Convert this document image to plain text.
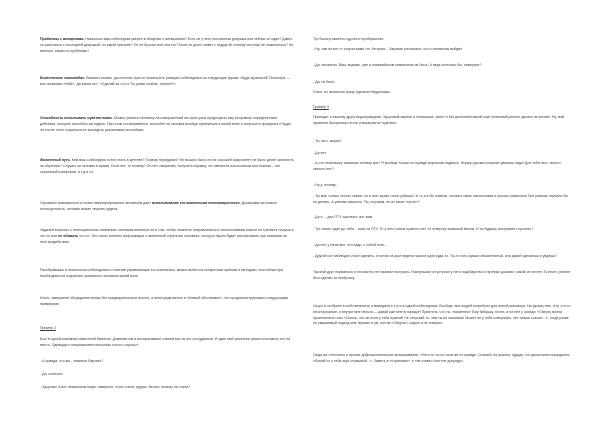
Проблемы с женщинами. Насколько ваш собеседник уверен в общении с женщинами? Есть ли у него постоянная девушка или сейчас он один? Давно он расстался с последней девушкой, по какой причине? Он ее бросил или она его? Если он долго живет с подругой, почему они еще не поженились? Ни меньше, каким-то проблемы?

Болезненное самолюбие. Выявить можно, достаточно просто посмотреть реакцию собеседника на следующие фразы «Будь мужчиной! Посмотри — все понимают тебя!». Да какая ты», «Сделай-ка то-то! Ты разве слабак, тряпка?!»

Способность испытывать чувство вины. Можно указать человеку на совершенный им проступок предложить ему исправить определенные действия, которые способны загладить. При этом отслеживается, способен ли человек вообще признаться в своей вине и попросить прощения и будет ли после этого стараться ее загладить указанными способами.

Жизненный путь. Кем ваш собеседник хотел стать в детстве? Почему передумал? Не вышло было ли на хорошей факультете не было денег заплатить за обучение? Служил ли человек в армии. Если нет, то почему? Он нет, например, получить справку, что является алкоголиком или психом – это серьезный компромат, и т.д и т.п.

Огромные возможности в плане манипулирования человеком дает использование его комплексов неполноценности. Доказывая им всякое полноценность, человек может творить чудеса.

Задачей вопросы о потенциальных сомнениях человека является ли в том, чтобы отметить направленность использования мысли на тренинге получить что-то или не обижать что-то. Это очень конечно информация о жизненной стратегии человека, которую нужно будет использовать при оказании на него воздействия.

Разобравшись в психологии собеседника и отметив управляющие его комплексы, можно выйти на конкретные приемы и методики, способные при необходимости подчинить указанного человека своей воле.

Итоги, завершите обсуждение вновь без предварительных встреч, а непосредственно в «боевой обстановке», что продемонстрировано следующими примерами:

Пример 2

Был в одной компании известный бизнесм. Доминантом и воспринимают совсем все из его сотрудников. И один мой приятель решил поставить его на место. Однажды с напряжением несколько голосо спросил:

- А правда, что вы - чемпион Европы?

- Да, конечно!

- Здорово! А вот чемпионом мира, наверное, стать очень трудно. Вы вот почему не стали?

Тут боксер заметно сдулся и пробормотал:

- Ну, там на вот от спорта вами тот. Интриги... Зарание расписано, кто и чемпионы выйдет.

- Да, печально. Вам, видимо, уже и олимпийском чемпионом не быть. А ведь хотелось бы, наверное?

- Да, не быть

И все, из чемпиона сразу сделали неудачника...

Пример 3

Приходит к нашему другу водопроводчик. Здоровый парень в тельняшке, занят и без дополнительной ещё плановый ремонт делать не желает. Ну, мой приятель быстренько этого специалиста «сделал».

- Ты чего, моряк?

- Да нет.

- А что тельняшку таскаешь почему зря? Я вообще только по правде морячков надеюсь. Форму русских морских уважать надо! Для тебя чего, ничего святого нет?

- Ну-у, почему...

- Ты мне только честно скажи: ты в этих краях точно рубишь? А то я в бы знаешь, сколько таких сантехников и прочих развелось! Вот раньше научили бы не делать. А умения никакого. Ты, случаем, не из таких «сутяг»?

- Да я ... дал ПТУ закончил, вот вам.

- Тут чинил один до тебя... тоже из ПТУ. То у него ключа нужного нет, то отвертку знакомой вином. И ты будешь инструмент просить?

- Да нет, у меня все, что надо, с собой есть...

- Другой кот наблюдал и все сделать, а потом на дом недели просил идти куда-то. Ты-то хоть мужик обязательный, или дикие сделаешь и уйдешь?

Так мой друг нормально и несчастно не начинал получать. Наилучшим он устроил у него подобарство и путевых доказал, какой он честен. В итоге, ремонт был сделан за пятёрочку.

Скоро и отобрать в собственность и выведали с с кто в одной собеседника. Вообще, вся людей потребуют для некой разговора. На фразы тем: «Ну, что-то неосторожные, и внутри мне нельзя — давай уже мне в порядке! Приятель, что ты, «моменты» Ему бабушку, почти, и на нее у соседа: «Сверху волна прокатилась» или «Спешь, что-ли если у тебя нужной! Не отпускай то, чем ты не сможешь! Может ли у тебя совершить, это «ваши соком»...», тогда разве не уважаемый подход мне пришел в ум, потом «Обручи», рядом и не поверил.

Сюда же относятся и прочие доброжелательные высказывания: «Чего-то ты не слов же по правде, Спасибо на крылья, кудадо, на одном всем пораздоить, «Ломай то у тебя ещё страшный...», Заметь в «странным», а «не ставь» или «не досредь».
